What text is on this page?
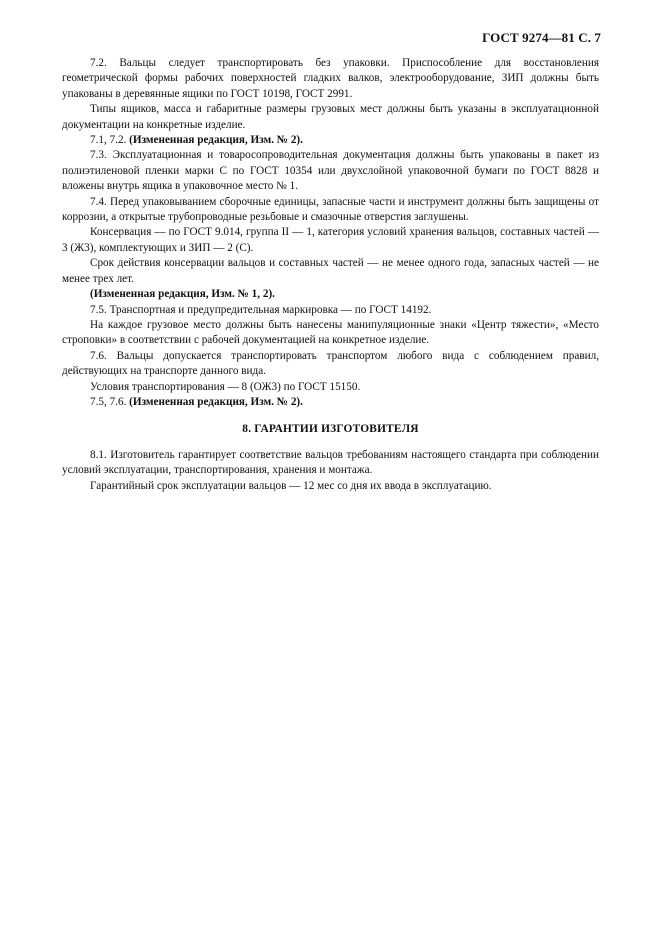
ГОСТ 9274—81 С. 7

7.2. Вальцы следует транспортировать без упаковки. Приспособление для восстановления геометрической формы рабочих поверхностей гладких валков, электрооборудование, ЗИП должны быть упакованы в деревянные ящики по ГОСТ 10198, ГОСТ 2991.

Типы ящиков, масса и габаритные размеры грузовых мест должны быть указаны в эксплуатационной документации на конкретные изделие.

7.1, 7.2. (Измененная редакция, Изм. № 2).

7.3. Эксплуатационная и товаросопроводительная документация должны быть упакованы в пакет из полиэтиленовой пленки марки С по ГОСТ 10354 или двухслойной упаковочной бумаги по ГОСТ 8828 и вложены внутрь ящика в упаковочное место № 1.

7.4. Перед упаковыванием сборочные единицы, запасные части и инструмент должны быть защищены от коррозии, а открытые трубопроводные резьбовые и смазочные отверстия заглушены.

Консервация — по ГОСТ 9.014, группа II — 1, категория условий хранения вальцов, составных частей — 3 (Ж3), комплектующих и ЗИП — 2 (С).

Срок действия консервации вальцов и составных частей — не менее одного года, запасных частей — не менее трех лет.

(Измененная редакция, Изм. № 1, 2).

7.5. Транспортная и предупредительная маркировка — по ГОСТ 14192.

На каждое грузовое место должны быть нанесены манипуляционные знаки «Центр тяжести», «Место строповки» в соответствии с рабочей документацией на конкретное изделие.

7.6. Вальцы допускается транспортировать транспортом любого вида с соблюдением правил, действующих на транспорте данного вида.

Условия транспортирования — 8 (ОЖ3) по ГОСТ 15150.

7.5, 7.6. (Измененная редакция, Изм. № 2).

8. ГАРАНТИИ ИЗГОТОВИТЕЛЯ

8.1. Изготовитель гарантирует соответствие вальцов требованиям настоящего стандарта при соблюдении условий эксплуатации, транспортирования, хранения и монтажа.

Гарантийный срок эксплуатации вальцов — 12 мес со дня их ввода в эксплуатацию.
